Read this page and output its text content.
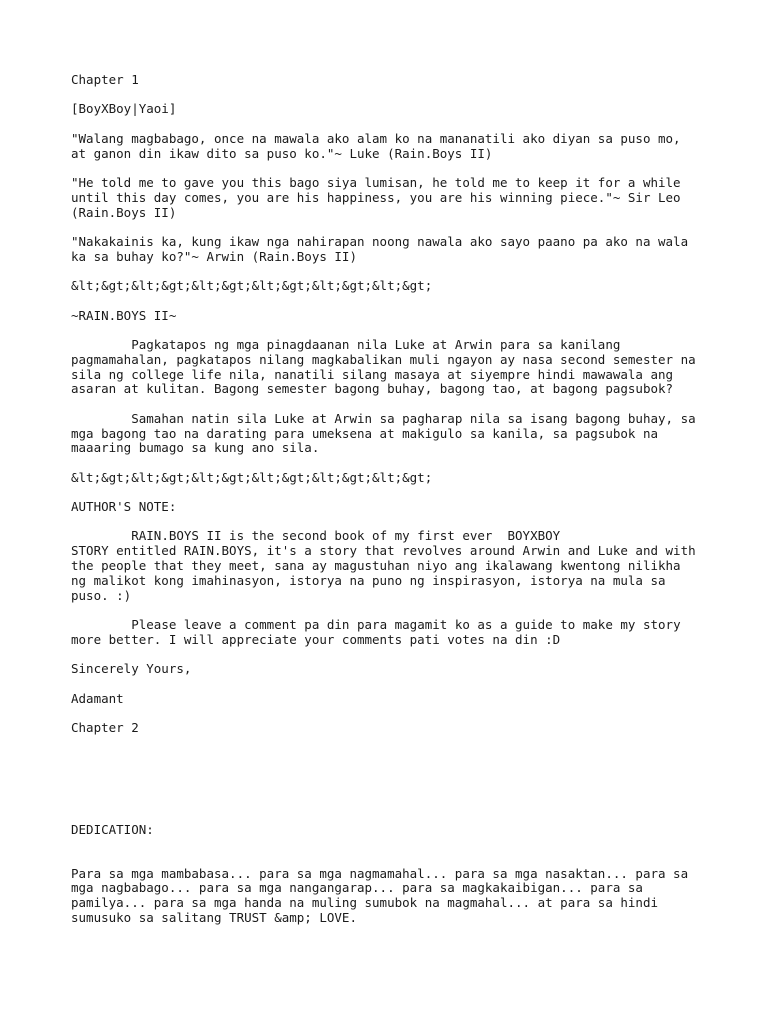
Chapter 1

[BoyXBoy|Yaoi]

"Walang magbabago, once na mawala ako alam ko na mananatili ako diyan sa puso mo,
at ganon din ikaw dito sa puso ko."~ Luke (Rain.Boys II)

"He told me to gave you this bago siya lumisan, he told me to keep it for a while
until this day comes, you are his happiness, you are his winning piece."~ Sir Leo
(Rain.Boys II)

"Nakakainis ka, kung ikaw nga nahirapan noong nawala ako sayo paano pa ako na wala
ka sa buhay ko?"~ Arwin (Rain.Boys II)

&lt;&gt;&lt;&gt;&lt;&gt;&lt;&gt;&lt;&gt;&lt;&gt;

~RAIN.BOYS II~

Pagkatapos ng mga pinagdaanan nila Luke at Arwin para sa kanilang
pagmamahalan, pagkatapos nilang magkabalikan muli ngayon ay nasa second semester na
sila ng college life nila, nanatili silang masaya at siyempre hindi mawawala ang
asaran at kulitan. Bagong semester bagong buhay, bagong tao, at bagong pagsubok?

Samahan natin sila Luke at Arwin sa pagharap nila sa isang bagong buhay, sa
mga bagong tao na darating para umeksena at makigulo sa kanila, sa pagsubok na
maaaring bumago sa kung ano sila.

&lt;&gt;&lt;&gt;&lt;&gt;&lt;&gt;&lt;&gt;&lt;&gt;

AUTHOR'S NOTE:

RAIN.BOYS II is the second book of my first ever  BOYXBOY
STORY entitled RAIN.BOYS, it's a story that revolves around Arwin and Luke and with
the people that they meet, sana ay magustuhan niyo ang ikalawang kwentong nilikha
ng malikot kong imahinasyon, istorya na puno ng inspirasyon, istorya na mula sa
puso. :)

Please leave a comment pa din para magamit ko as a guide to make my story
more better. I will appreciate your comments pati votes na din :D

Sincerely Yours,

Adamant

Chapter 2

DEDICATION:

Para sa mga mambabasa... para sa mga nagmamahal... para sa mga nasaktan... para sa
mga nagbabago... para sa mga nangangarap... para sa magkakaibigan... para sa
pamilya... para sa mga handa na muling sumubok na magmahal... at para sa hindi
sumusuko sa salitang TRUST &amp; LOVE.
